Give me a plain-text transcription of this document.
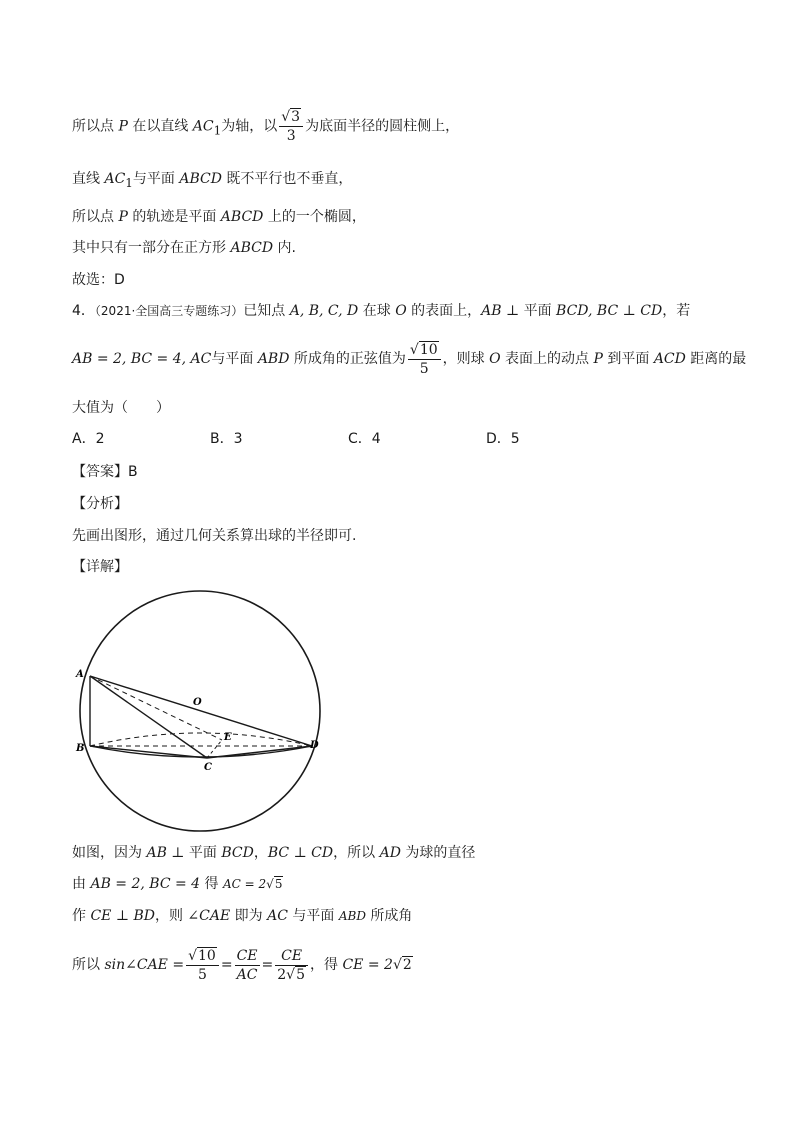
所以点 P 在以直线 $AC_1$为轴，以 $\frac{√3}{3}$ 为底面半径的圆柱侧上，
直线 $AC_1$与平面 ABCD 既不平行也不垂直，
所以点 P 的轨迹是平面 ABCD 上的一个椭圆，
其中只有一部分在正方形 ABCD 内.
故选：D
4．（2021·全国高三专题练习）已知点 A, B, C, D 在球 O 的表面上，AB ⊥ 平面 BCD, BC ⊥ CD，若
AB = 2, BC = 4, AC与平面 ABD 所成角的正弦值为 $\frac{√10}{5}$ ，则球 O 表面上的动点 P 到平面 ACD 距离的最
大值为（　　）
A．2	B．3	C．4	D．5
【答案】B
【分析】
先画出图形，通过几何关系算出球的半径即可.
【详解】
A
B
C
D
O
E
如图，因为 AB ⊥ 平面 BCD，BC ⊥ CD，所以 AD 为球的直径
由 AB = 2, BC = 4 得 AC = 2√5
作 CE ⊥ BD，则 ∠CAE 即为 AC 与平面 ABD 所成角
所以 sin∠CAE = $\frac{√10}{5} = \frac{CE}{AC} = \frac{CE}{2√5}$ ，得 CE = 2√2
